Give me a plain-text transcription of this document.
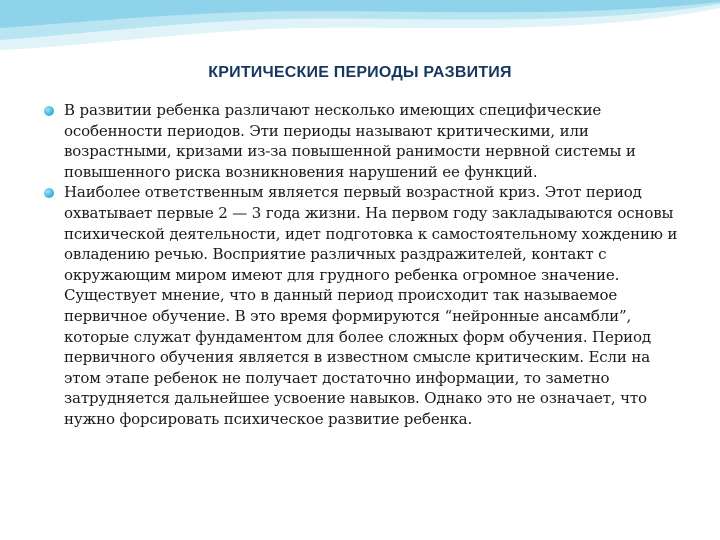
КРИТИЧЕСКИЕ ПЕРИОДЫ РАЗВИТИЯ
В развитии ребенка различают несколько имеющих специфические особенности периодов. Эти периоды называют критическими, или возрастными, кризами из-за повышенной ранимости нервной системы и повышенного риска возникновения нарушений ее функций.
Наиболее ответственным является первый возрастной криз. Этот период охватывает первые 2 — 3 года жизни. На первом году закладываются основы психической деятельности, идет подготовка к самостоятельному хождению и овладению речью. Восприятие различных раздражителей, контакт с окружающим миром имеют для грудного ребенка огромное значение. Существует мнение, что в данный период происходит так называемое первичное обучение. В это время формируются “нейронные ансамбли”, которые служат фундаментом для более сложных форм обучения. Период первичного обучения является в известном смысле критическим. Если на этом этапе ребенок не получает достаточно информации, то заметно затрудняется дальнейшее усвоение навыков. Однако это не означает, что нужно форсировать психическое развитие ребенка.
